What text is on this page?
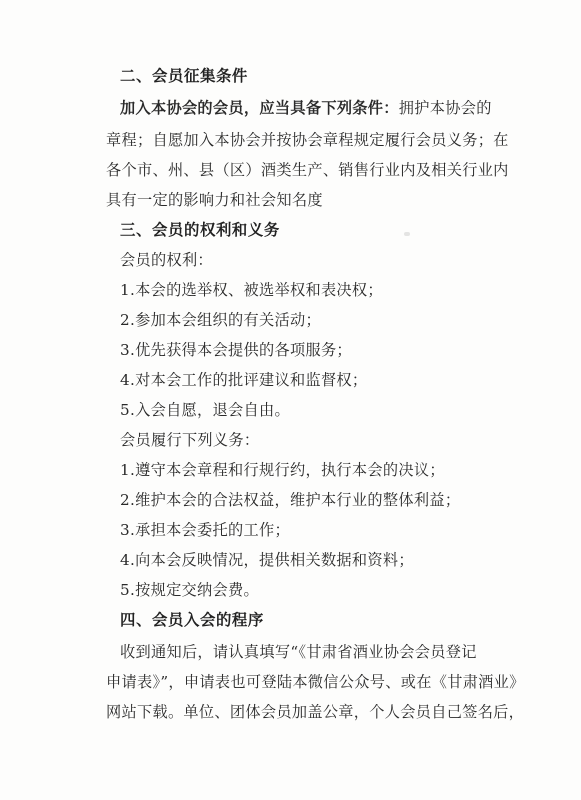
二、会员征集条件
加入本协会的会员，应当具备下列条件：拥护本协会的
章程；自愿加入本协会并按协会章程规定履行会员义务；在
各个市、州、县（区）酒类生产、销售行业内及相关行业内
具有一定的影响力和社会知名度
三、会员的权利和义务
会员的权利：
1.本会的选举权、被选举权和表决权；
2.参加本会组织的有关活动；
3.优先获得本会提供的各项服务；
4.对本会工作的批评建议和监督权；
5.入会自愿，退会自由。
会员履行下列义务：
1.遵守本会章程和行规行约，执行本会的决议；
2.维护本会的合法权益，维护本行业的整体利益；
3.承担本会委托的工作；
4.向本会反映情况，提供相关数据和资料；
5.按规定交纳会费。
四、会员入会的程序
收到通知后，请认真填写“《甘肃省酒业协会会员登记
申请表》”，申请表也可登陆本微信公众号、或在《甘肃酒业》
网站下载。单位、团体会员加盖公章，个人会员自己签名后，
